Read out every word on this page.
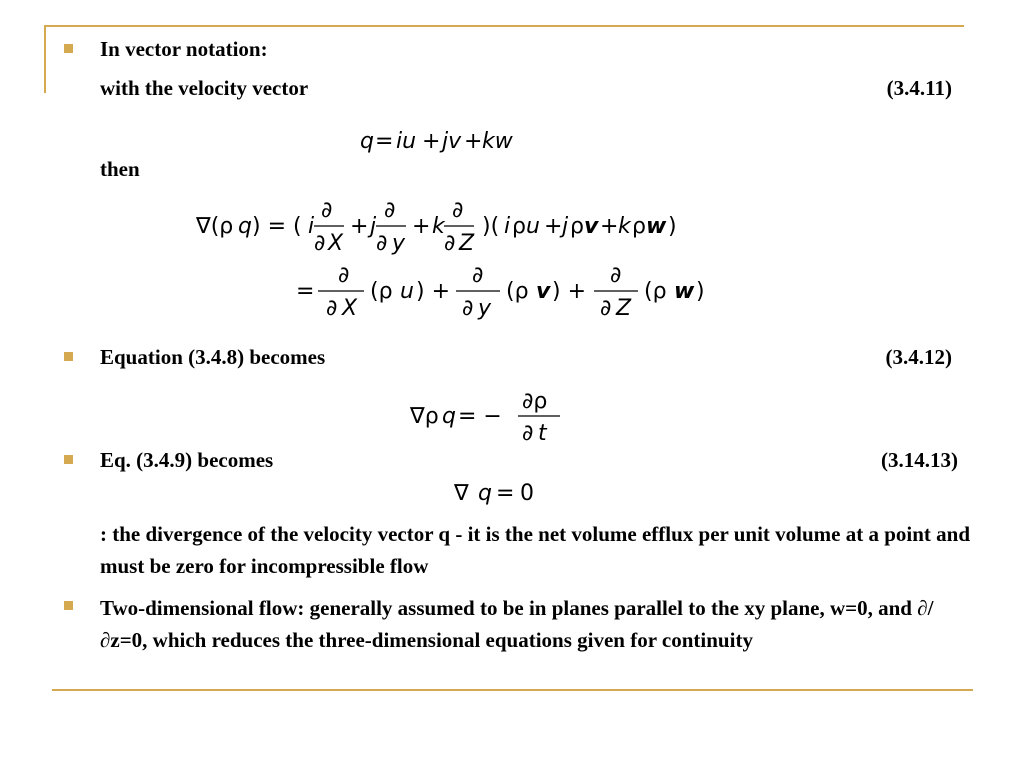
In vector notation:
with the velocity vector	(3.4.11)
q = iu + jv + kw
then
∇(ρ q ) = ( i
∂
∂ X
+ j
∂
∂ y
+ k
∂
∂ Z
)( i ρ u + j ρ v + k ρ w )
=
∂
∂ X
(ρ u ) +
∂
∂ y
(ρ v ) +
∂
∂ Z
(ρ w )
Equation (3.4.8) becomes	(3.4.12)
∇ρ q = −
∂ρ
∂ t
Eq. (3.4.9) becomes	(3.14.13)
∇ q = 0
: the divergence of the velocity vector q - it is the net volume efflux per unit volume at a point and must be zero for incompressible flow
Two-dimensional flow: generally assumed to be in planes parallel to the xy plane, w=0, and ∂/∂z=0, which reduces the three-dimensional equations given for continuity
